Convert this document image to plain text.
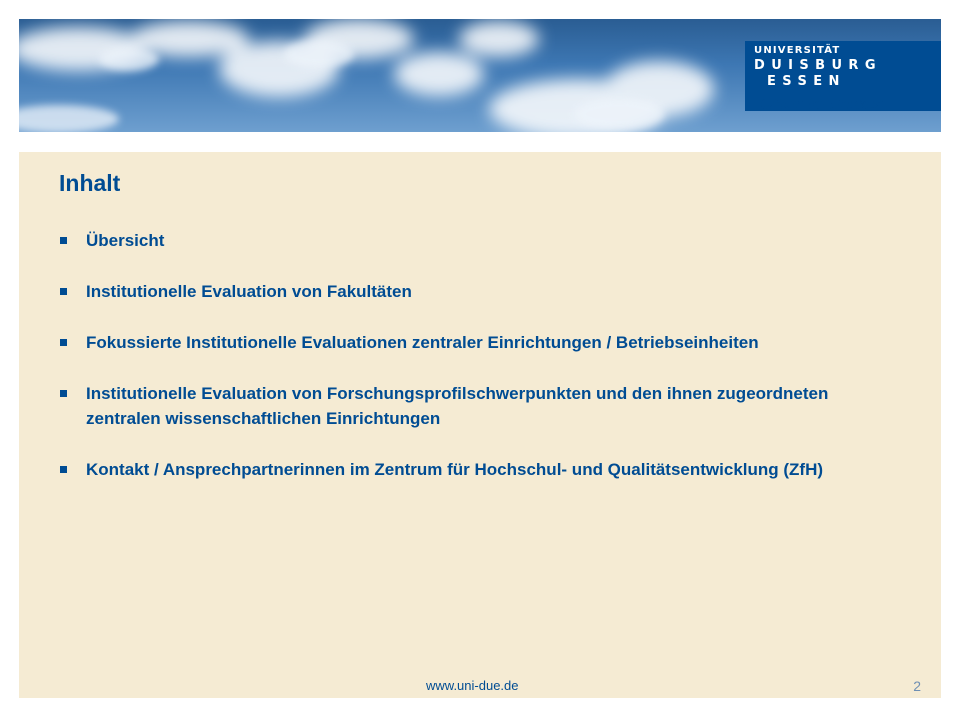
UNIVERSITÄT
DUISBURG
ESSEN
Offen im Denken
Inhalt
Übersicht
Institutionelle Evaluation von Fakultäten
Fokussierte Institutionelle Evaluationen zentraler Einrichtungen / Betriebseinheiten
Institutionelle Evaluation von Forschungsprofilschwerpunkten und den ihnen zugeordneten zentralen wissenschaftlichen Einrichtungen
Kontakt / Ansprechpartnerinnen im Zentrum für Hochschul- und Qualitätsentwicklung (ZfH)
www.uni-due.de	2
